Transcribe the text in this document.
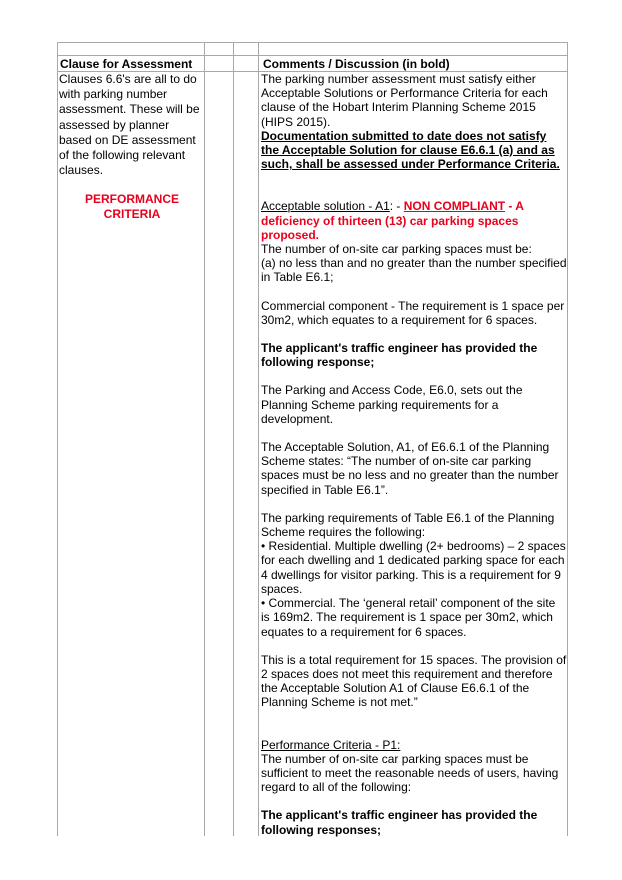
Clause for Assessment	Comments / Discussion (in bold)

Clauses 6.6's are all to do with parking number assessment. These will be assessed by planner based on DE assessment of the following relevant clauses.

PERFORMANCE
CRITERIA

The parking number assessment must satisfy either Acceptable Solutions or Performance Criteria for each clause of the Hobart Interim Planning Scheme 2015 (HIPS 2015).

Documentation submitted to date does not satisfy the Acceptable Solution for clause E6.6.1 (a) and as such, shall be assessed under Performance Criteria.

Acceptable solution - A1: - NON COMPLIANT - A deficiency of thirteen (13) car parking spaces proposed.

The number of on-site car parking spaces must be:

(a) no less than and no greater than the number specified in Table E6.1;

Commercial component - The requirement is 1 space per 30m2, which equates to a requirement for 6 spaces.

The applicant's traffic engineer has provided the following response;

The Parking and Access Code, E6.0, sets out the Planning Scheme parking requirements for a development.

The Acceptable Solution, A1, of E6.6.1 of the Planning Scheme states: “The number of on-site car parking spaces must be no less and no greater than the number specified in Table E6.1”.

The parking requirements of Table E6.1 of the Planning Scheme requires the following:

• Residential. Multiple dwelling (2+ bedrooms) – 2 spaces for each dwelling and 1 dedicated parking space for each 4 dwellings for visitor parking. This is a requirement for 9 spaces.

• Commercial. The ‘general retail’ component of the site is 169m2. The requirement is 1 space per 30m2, which equates to a requirement for 6 spaces.

This is a total requirement for 15 spaces. The provision of 2 spaces does not meet this requirement and therefore the Acceptable Solution A1 of Clause E6.6.1 of the Planning Scheme is not met.”

Performance Criteria - P1:

The number of on-site car parking spaces must be sufficient to meet the reasonable needs of users, having regard to all of the following:

The applicant's traffic engineer has provided the following responses;
